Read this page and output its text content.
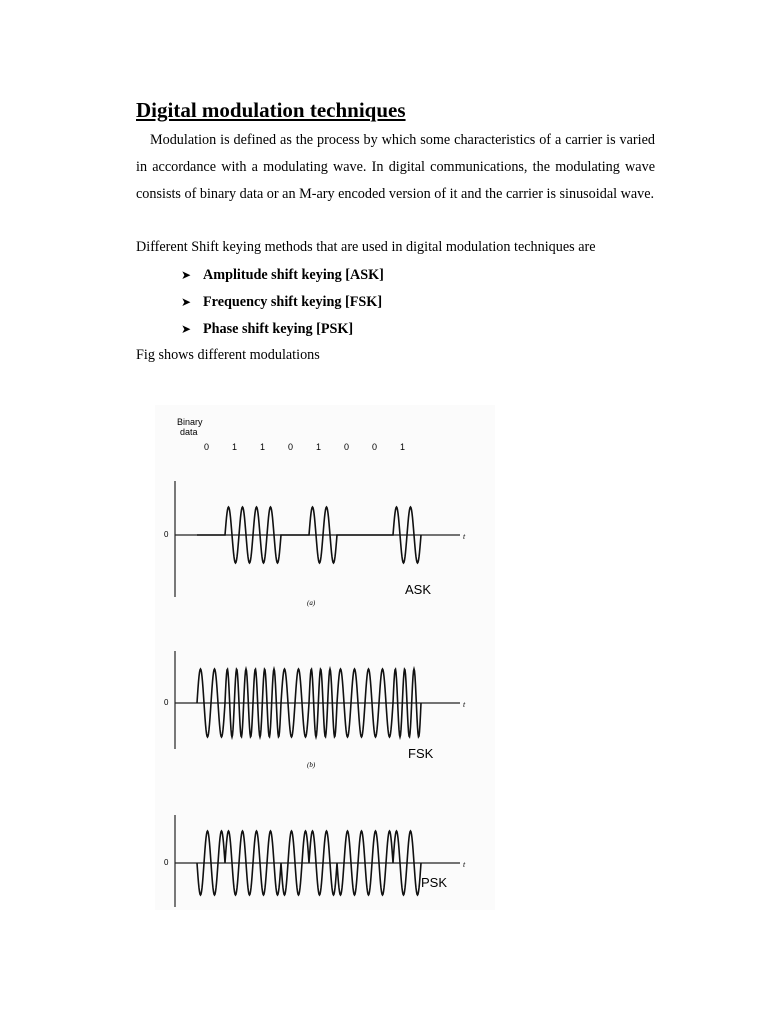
Digital modulation techniques

Modulation is defined as the process by which some characteristics of a carrier is varied in accordance with a modulating wave. In digital communications, the modulating wave consists of binary data or an M-ary encoded version of it and the carrier is sinusoidal wave.

Different Shift keying methods that are used in digital modulation techniques are

➤ Amplitude shift keying [ASK]
➤ Frequency shift keying [FSK]
➤ Phase shift keying [PSK]

Fig shows different modulations

Binary
data
0	1	1	0	1	0	0	1
0	t
ASK
(a)
0	t
FSK
(b)
0	t
PSK
